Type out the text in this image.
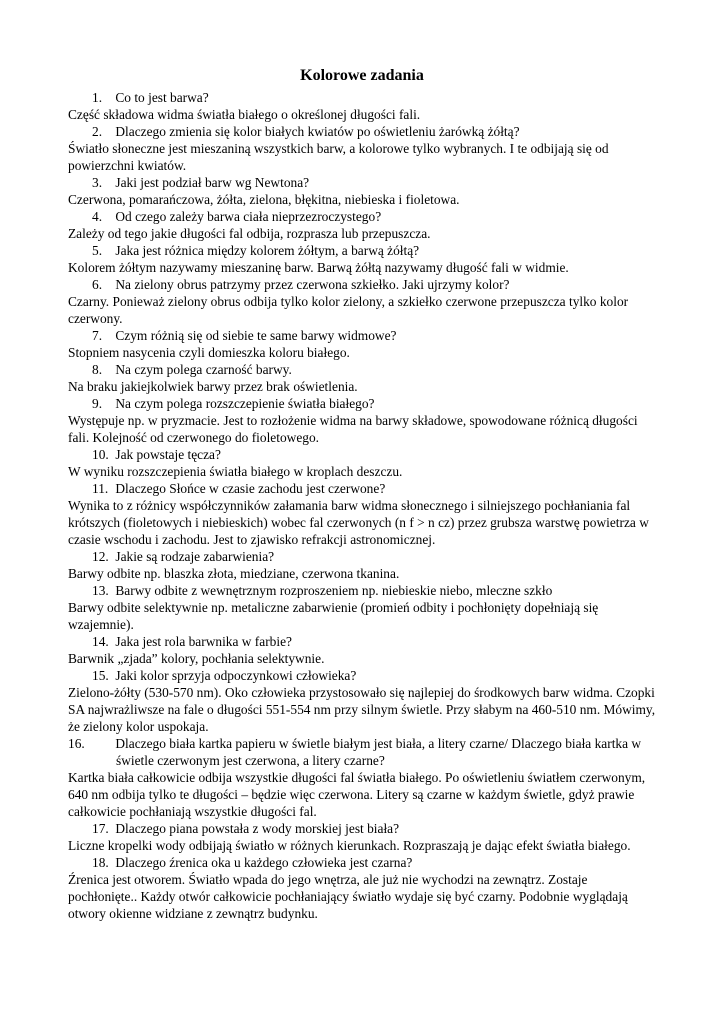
Kolorowe zadania

1. Co to jest barwa?

Część składowa widma światła białego o określonej długości fali.

2. Dlaczego zmienia się kolor białych kwiatów po oświetleniu żarówką żółtą?

Światło słoneczne jest mieszaniną wszystkich barw, a kolorowe tylko wybranych. I te odbijają się od powierzchni kwiatów.

3. Jaki jest podział barw wg Newtona?

Czerwona, pomarańczowa, żółta, zielona, błękitna, niebieska i fioletowa.

4. Od czego zależy barwa ciała nieprzezroczystego?

Zależy od tego jakie długości fal odbija, rozprasza lub przepuszcza.

5. Jaka jest różnica między kolorem żółtym, a barwą żółtą?

Kolorem żółtym nazywamy mieszaninę barw. Barwą żółtą nazywamy długość fali w widmie.

6. Na zielony obrus patrzymy przez czerwona szkiełko. Jaki ujrzymy kolor?

Czarny. Ponieważ zielony obrus odbija tylko kolor zielony, a szkiełko czerwone przepuszcza tylko kolor czerwony.

7. Czym różnią się od siebie te same barwy widmowe?

Stopniem nasycenia czyli domieszka koloru białego.

8. Na czym polega czarność barwy.

Na braku jakiejkolwiek barwy przez brak oświetlenia.

9. Na czym polega rozszczepienie światła białego?

Występuje np. w pryzmacie. Jest to rozłożenie widma na barwy składowe, spowodowane różnicą długości fali. Kolejność od czerwonego do fioletowego.

10. Jak powstaje tęcza?

W wyniku rozszczepienia światła białego w kroplach deszczu.

11. Dlaczego Słońce w czasie zachodu jest czerwone?

Wynika to z różnicy współczynników załamania barw widma słonecznego i silniejszego pochłaniania fal krótszych (fioletowych i niebieskich) wobec fal czerwonych (n f > n cz) przez grubsza warstwę powietrza w czasie wschodu i zachodu. Jest to zjawisko refrakcji astronomicznej.

12. Jakie są rodzaje zabarwienia?

Barwy odbite np. blaszka złota, miedziane, czerwona tkanina.

13. Barwy odbite z wewnętrznym rozproszeniem np. niebieskie niebo, mleczne szkło

Barwy odbite selektywnie np. metaliczne zabarwienie (promień odbity i pochłonięty dopełniają się wzajemnie).

14. Jaka jest rola barwnika w farbie?

Barwnik „zjada” kolory, pochłania selektywnie.

15. Jaki kolor sprzyja odpoczynkowi człowieka?

Zielono-żółty (530-570 nm). Oko człowieka przystosowało się najlepiej do środkowych barw widma. Czopki SA najwrażliwsze na fale o długości 551-554 nm przy silnym świetle. Przy słabym na 460-510 nm. Mówimy, że zielony kolor uspokaja.

16. Dlaczego biała kartka papieru w świetle białym jest biała, a litery czarne/ Dlaczego biała kartka w świetle czerwonym jest czerwona, a litery czarne?

Kartka biała całkowicie odbija wszystkie długości fal światła białego. Po oświetleniu światłem czerwonym, 640 nm odbija tylko te długości – będzie więc czerwona. Litery są czarne w każdym świetle, gdyż prawie całkowicie pochłaniają wszystkie długości fal.

17. Dlaczego piana powstała z wody morskiej jest biała?

Liczne kropelki wody odbijają światło w różnych kierunkach. Rozpraszają je dając efekt światła białego.

18. Dlaczego źrenica oka u każdego człowieka jest czarna?

Źrenica jest otworem. Światło wpada do jego wnętrza, ale już nie wychodzi na zewnątrz. Zostaje pochłonięte.. Każdy otwór całkowicie pochłaniający światło wydaje się być czarny. Podobnie wyglądają otwory okienne widziane z zewnątrz budynku.
